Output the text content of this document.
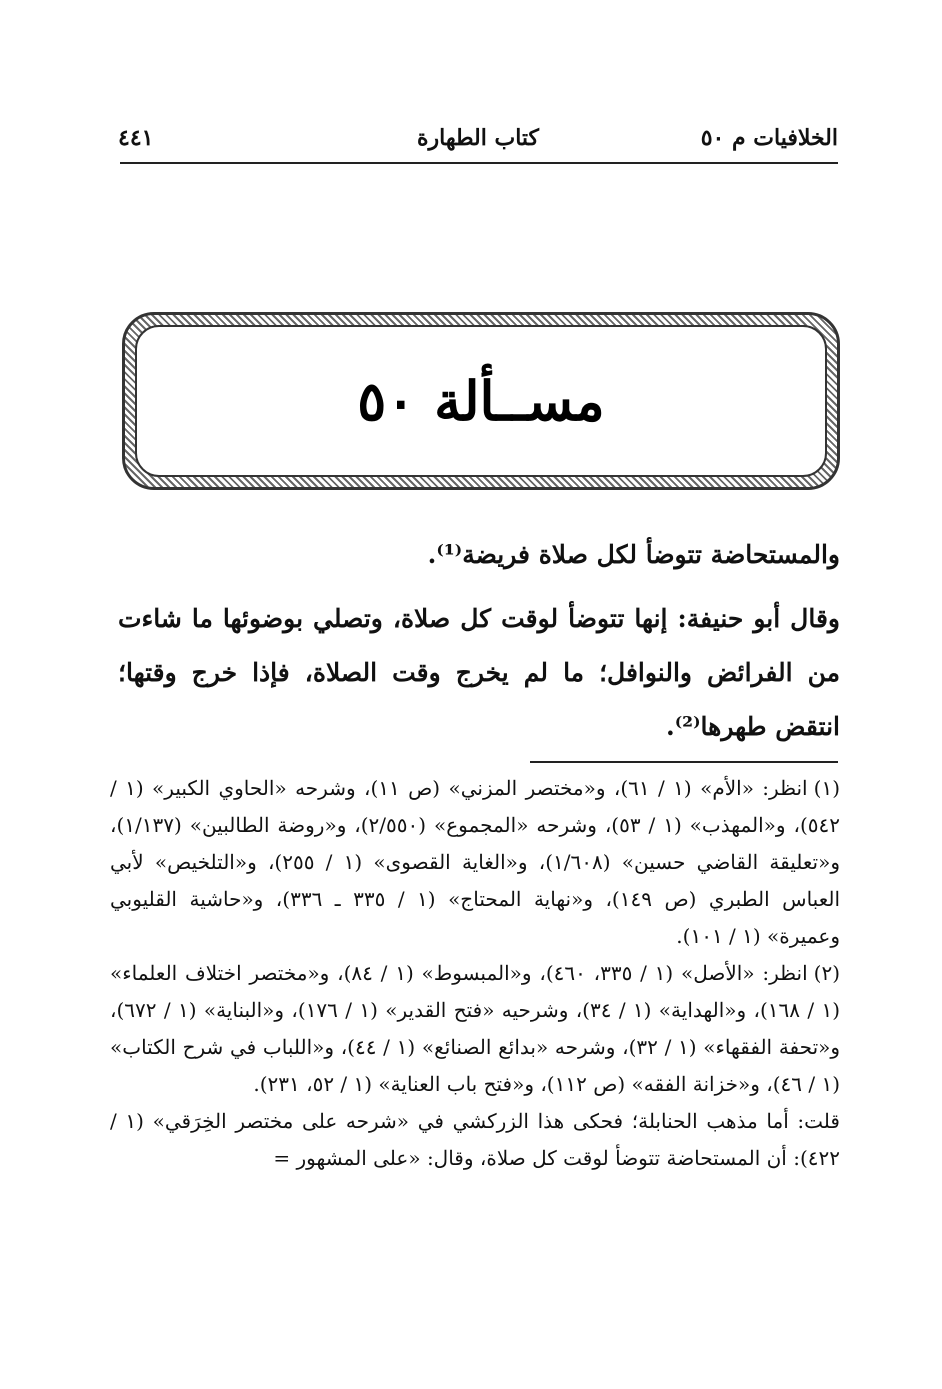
الخلافيات م ٥٠
كتاب الطهارة
٤٤١
مســألة ٥٠
والمستحاضة تتوضأ لكل صلاة فريضة⁽¹⁾.
وقال أبو حنيفة: إنها تتوضأ لوقت كل صلاة، وتصلي بوضوئها ما شاءت من الفرائض والنوافل؛ ما لم يخرج وقت الصلاة، فإذا خرج وقتها؛ انتقض طهرها⁽²⁾.

(١)انظر: «الأم» (١ / ٦١)، و«مختصر المزني» (ص ١١)، وشرحه «الحاوي الكبير» (١ / ٥٤٢)، و«المهذب» (١ / ٥٣)، وشرحه «المجموع» (٢/٥٥٠)، و«روضة الطالبين» (١/١٣٧)، و«تعليقة القاضي حسين» (١/٦٠٨)، و«الغاية القصوى» (١ / ٢٥٥)، و«التلخيص» لأبي العباس الطبري (ص ١٤٩)، و«نهاية المحتاج» (١ / ٣٣٥ ـ ٣٣٦)، و«حاشية القليوبي وعميرة» (١ / ١٠١).

(٢)انظر: «الأصل» (١ / ٣٣٥، ٤٦٠)، و«المبسوط» (١ / ٨٤)، و«مختصر اختلاف العلماء» (١ / ١٦٨)، و«الهداية» (١ / ٣٤)، وشرحيه «فتح القدير» (١ / ١٧٦)، و«البناية» (١ / ٦٧٢)، و«تحفة الفقهاء» (١ / ٣٢)، وشرحه «بدائع الصنائع» (١ / ٤٤)، و«اللباب في شرح الكتاب» (١ / ٤٦)، و«خزانة الفقه» (ص ١١٢)، و«فتح باب العناية» (١ / ٥٢، ٢٣١).

قلت: أما مذهب الحنابلة؛ فحكى هذا الزركشي في «شرحه على مختصر الخِرَقي» (١ / ٤٢٢): أن المستحاضة تتوضأ لوقت كل صلاة، وقال: «على المشهور =
